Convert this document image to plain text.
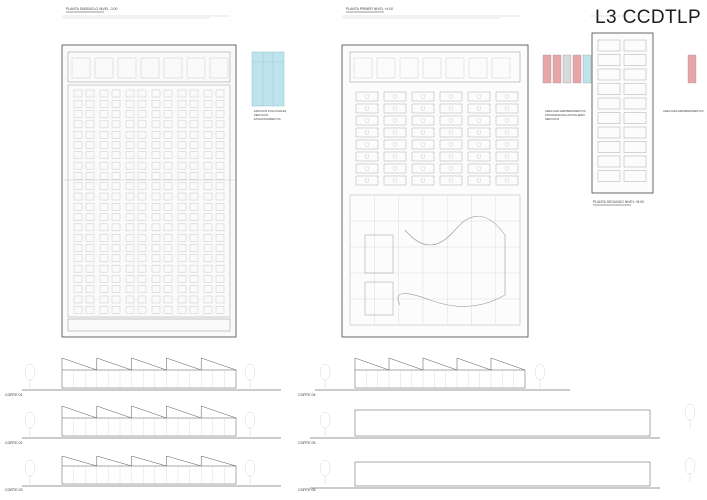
L3 CCDTLP
PLANTA SUBSUELO NIVEL -3.00	PLANTA PRIMER NIVEL +4.00
PLANTA SEGUNDO NIVEL +8.00
ESPACIOS FUNCIONALES
SERVICIOS
ESTACIONAMIENTOS
AREA PARA EMPRENDIMIENTOS
PROGRAMAS/AULAS/TALLERES
SERVICIOS
AREA PARA EMPRENDIMIENTOS
CORTE 01
CORTE 02
CORTE 03
CORTE 04
CORTE 05
CORTE 06
